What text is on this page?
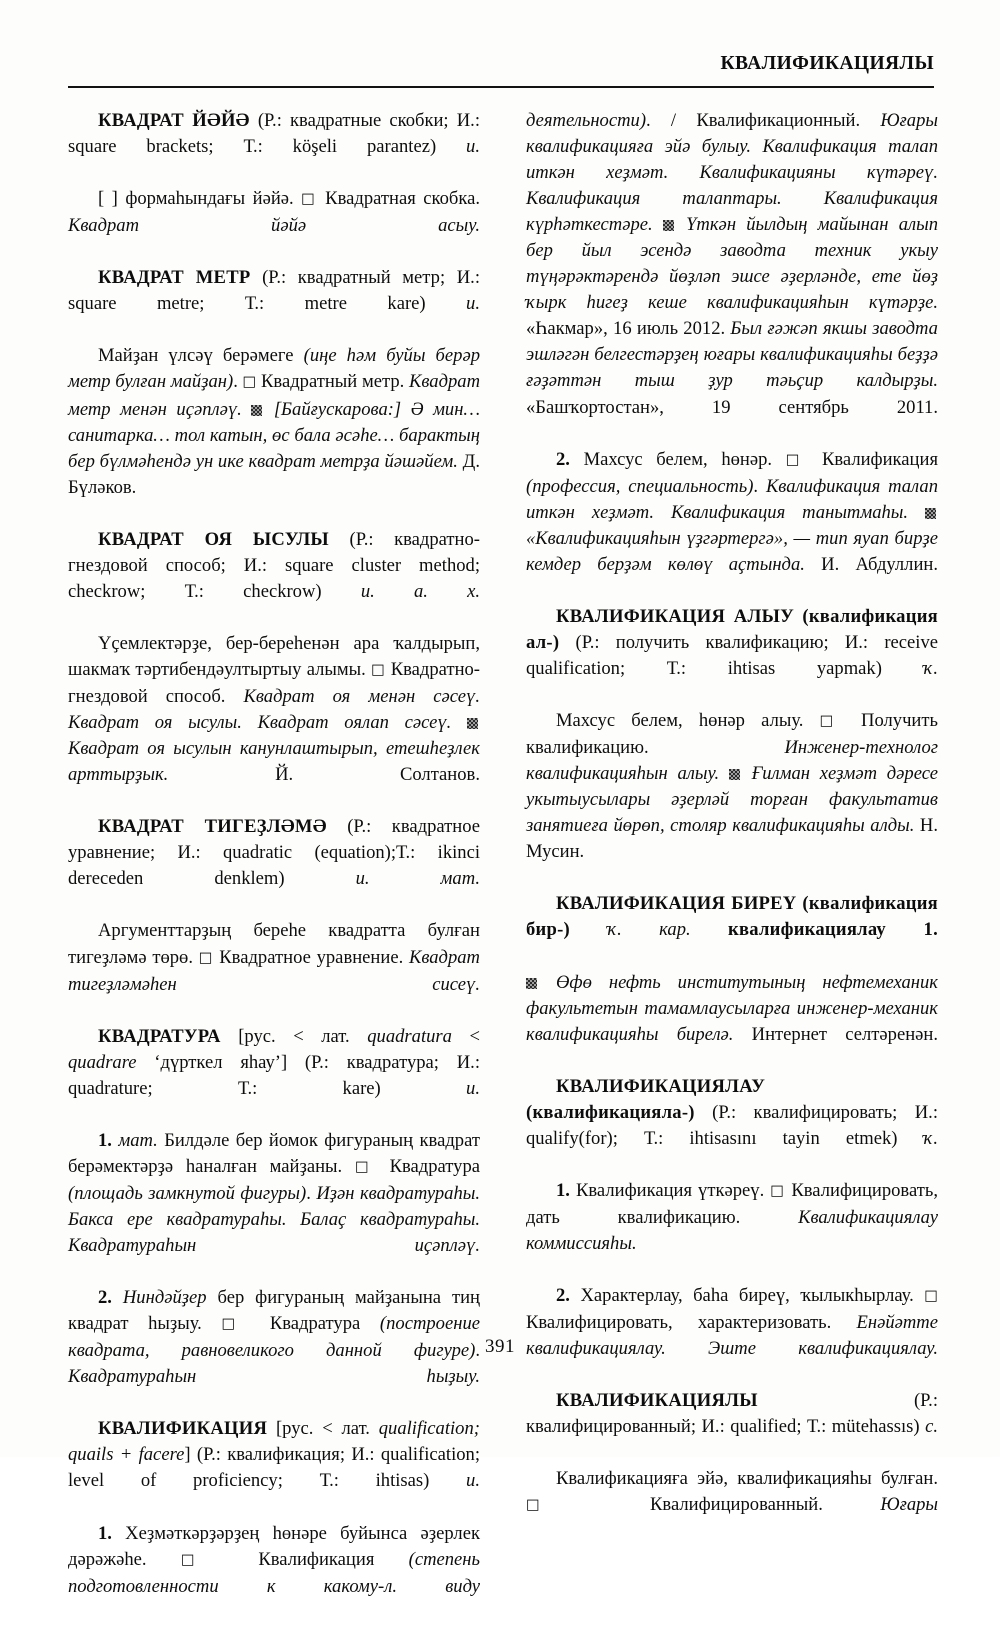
КВАЛИФИКАЦИЯЛЫ

КВАДРАТ ЙӘЙӘ (Р.: квадратные скобки; И.: square brackets; Т.: köşeli parantez) и.

[ ] формаһындағы йәйә. □ Квадратная скобка. Квадрат йәйә асыу.

КВАДРАТ МЕТР (Р.: квадратный метр; И.: square metre; Т.: metre kare) и.

Майҙан үлсәү берәмеге (иңе һәм буйы берәр метр булған майҙан). □ Квадратный метр. Квадрат метр менән иҫәпләү. [Байғускарова:] Ә мин… санитарка… тол катын, өс бала әсәһе… барактың бер бүлмәһендә ун ике квадрат метрҙа йәшәйем. Д. Бүләков.

КВАДРАТ ОЯ ЫСУЛЫ (Р.: квадратно-гнездовой способ; И.: square cluster method; checkrow; Т.: checkrow) и. а. х.

Үҫемлектәрҙе, бер-береһенән ара ҡалдырып, шакмаҡ тәртибендәултыртыу алымы. □ Квадратно-гнездовой способ. Квадрат оя менән сәсеү. Квадрат оя ысулы. Квадрат оялап сәсеү.  Квадрат оя ысулын канунлаштырып, етешһеҙлек арттырҙык.	Й. Солтанов.

КВАДРАТ ТИГЕҘЛӘМӘ (Р.: квадратное уравнение; И.: quadratic (equation);Т.: ikinci dereceden denklem) и. мат.

Аргументтарҙың береһе квадратта булған тигеҙләмә төрө. □ Квадратное уравнение. Квадрат тигеҙләмәһен сисеү.

КВАДРАТУРА [рус. < лат. quadratura < quadrare ‘дүрткел яһау’] (Р.: квадратура; И.: quadrature; Т.: kare) и.

1. мат. Билдәле бер йомок фигураның квадрат берәмектәрҙә һаналған майҙаны. □ Квадратура (площадь замкнутой фигуры). Иҙән квадратураһы. Бакса ере квадратураһы. Балаҫ квадратураһы. Квадратураһын иҫәпләү.

2. Ниндәйҙер бер фигураның майҙанына тиң квадрат һыҙыу. □ Квадратура (построение квадрата, равновеликого данной фигуре). Квадратураһын һыҙыу.

КВАЛИФИКАЦИЯ [рус. < лат. qualification; quails + facere] (Р.: квалификация; И.: qualification; level of proficiency; Т.: ihtisas) и.

1. Хеҙмәткәрҙәрҙең һөнәре буйынса әҙерлек дәрәжәһе. □ Квалификация (степень подготовленности к какому-л. виду

деятельности). / Квалификационный. Юғары квалификацияға эйә булыу. Квалификация талап иткән хеҙмәт. Квалификацияны күтәреү. Квалификация талаптары. Квалификация күрһәткестәре. Үткән йылдың майынан алып бер йыл эсендә заводта техник укыу түңәрәктәрендә йөҙләп эшсе әҙерләнде, ете йөҙ ҡырк һигеҙ кеше квалификацияһын күтәрҙе. «Һакмар», 16 июль 2012. Был ғәжәп якшы заводта эшләгән белгестәрҙең юғары квалификацияһы беҙҙә ғәҙәттән тыш ҙур тәьҫир калдырҙы. «Башҡортостан», 19 сентябрь 2011.

2. Махсус белем, һөнәр. □ Квалификация (профессия, специальность). Квалификация талап иткән хеҙмәт. Квалификация танытмаһы.  «Квалификацияһын үҙгәртергә», — тип яуап бирҙе кемдер берҙәм көлөү аҫтында. И. Абдуллин.

КВАЛИФИКАЦИЯ АЛЫУ (квалификация ал-) (Р.: получить квалификацию; И.: receive qualification; Т.: ihtisas yapmak) ҡ.

Махсус белем, һөнәр алыу. □ Получить квалификацию. Инженер-технолог квалификацияһын алыу. Ғилман хеҙмәт дәресе укытыусылары әҙерләй торған факультатив занятиеға йөрөп, столяр квалификацияһы алды. Н. Мусин.

КВАЛИФИКАЦИЯ БИРЕҮ (квалификация бир-) ҡ. кар. квалификациялау 1.

Өфө нефть институтының нефтемеханик факультетын тамамлаусыларға инженер-механик квалификацияһы бирелә. Интернет селтәренән.

КВАЛИФИКАЦИЯЛАУ (квалификацияла-) (Р.: квалифицировать; И.: qualify(for); Т.: ihtisasını tayin etmek) ҡ.

1. Квалификация үткәреү. □ Квалифицировать, дать квалификацию. Квалификациялау коммиссияһы.

2. Характерлау, баһа биреү, ҡылыкһырлау. □ Квалифицировать, характеризовать. Енәйәтте квалификациялау. Эште квалификациялау.

КВАЛИФИКАЦИЯЛЫ	(Р.: квалифицированный; И.: qualified; Т.: mütehassıs) с.

Квалификацияға эйә, квалификацияһы булған. □ Квалифицированный. Юғары

391
